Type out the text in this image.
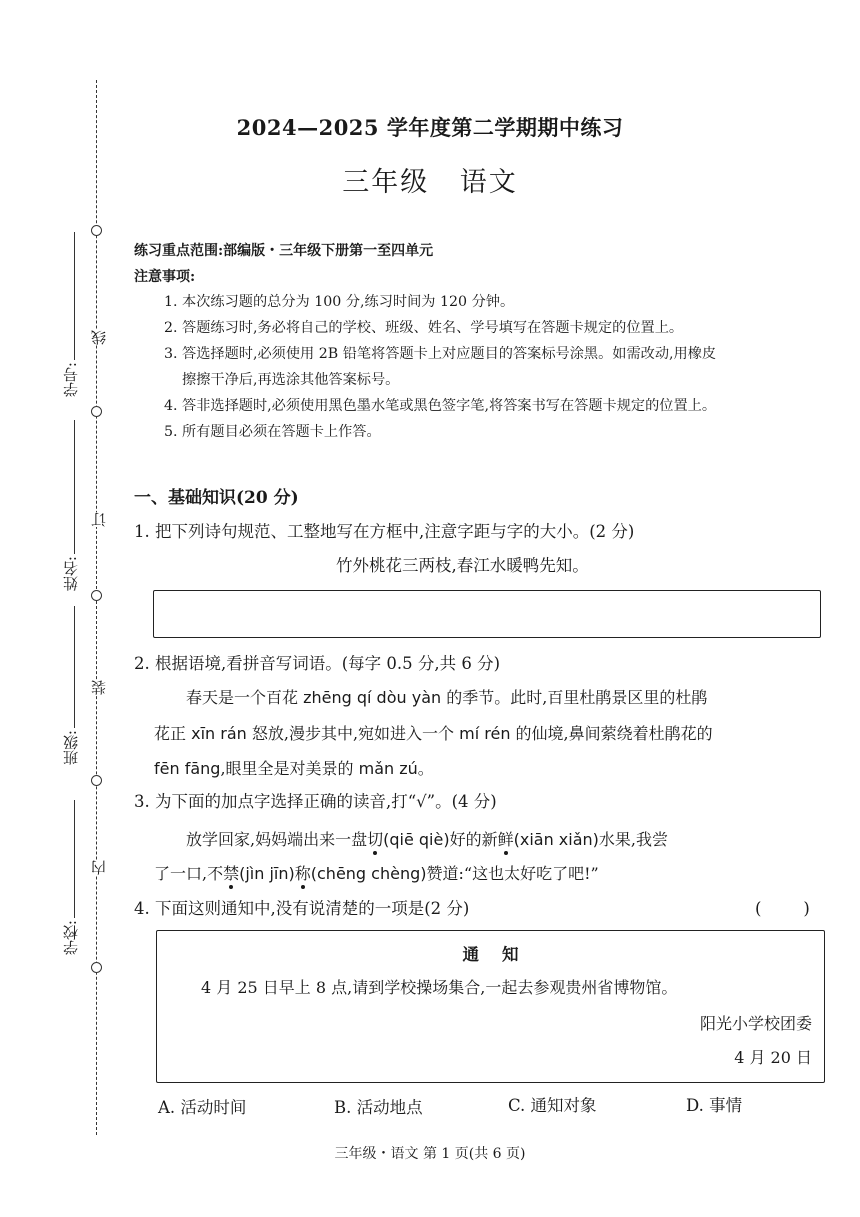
学号:
姓名:
班级:
学校:
线
订
装
内
2024—2025 学年度第二学期期中练习
三年级 语文
练习重点范围:部编版・三年级下册第一至四单元
注意事项:
1. 本次练习题的总分为 100 分,练习时间为 120 分钟。
2. 答题练习时,务必将自己的学校、班级、姓名、学号填写在答题卡规定的位置上。
3. 答选择题时,必须使用 2B 铅笔将答题卡上对应题目的答案标号涂黑。如需改动,用橡皮
擦擦干净后,再选涂其他答案标号。
4. 答非选择题时,必须使用黑色墨水笔或黑色签字笔,将答案书写在答题卡规定的位置上。
5. 所有题目必须在答题卡上作答。
一、基础知识(20 分)
1. 把下列诗句规范、工整地写在方框中,注意字距与字的大小。(2 分)
竹外桃花三两枝,春江水暖鸭先知。
2. 根据语境,看拼音写词语。(每字 0.5 分,共 6 分)
春天是一个百花 zhēng qí dòu yàn 的季节。此时,百里杜鹃景区里的杜鹃
花正 xīn rán 怒放,漫步其中,宛如进入一个 mí rén 的仙境,鼻间萦绕着杜鹃花的
fēn fāng,眼里全是对美景的 mǎn zú。
3. 为下面的加点字选择正确的读音,打“√”。(4 分)
放学回家,妈妈端出来一盘切(qiē qiè)好的新鲜(xiān xiǎn)水果,我尝
了一口,不禁(jìn jīn)称(chēng chèng)赞道:“这也太好吃了吧!”
4. 下面这则通知中,没有说清楚的一项是(2 分)	(        )
通    知
4 月 25 日早上 8 点,请到学校操场集合,一起去参观贵州省博物馆。
阳光小学校团委
4 月 20 日
A. 活动时间	B. 活动地点	C. 通知对象	D. 事情
三年级・语文 第 1 页(共 6 页)
